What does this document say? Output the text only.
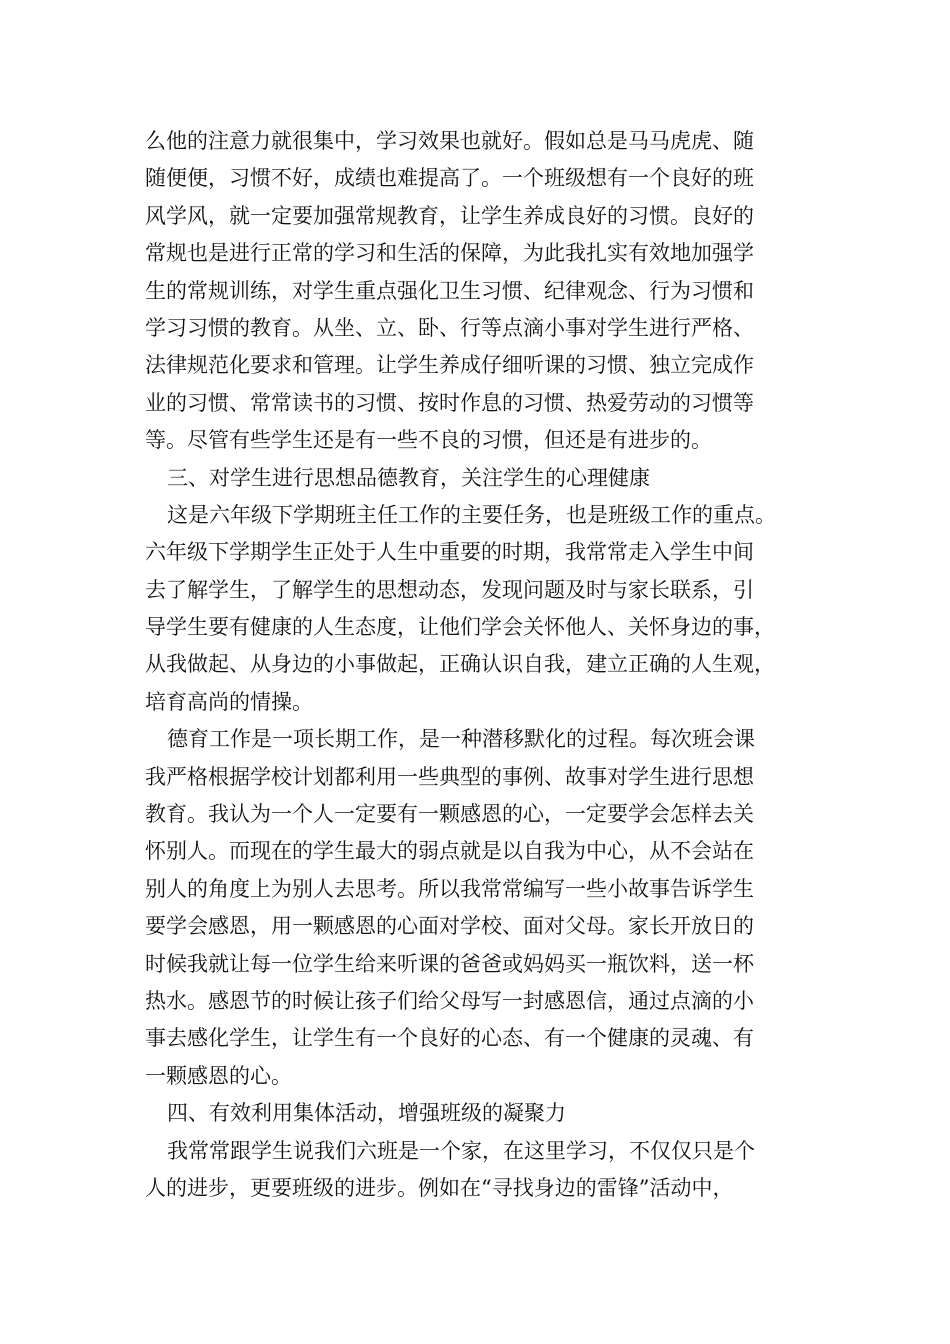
么他的注意力就很集中，学习效果也就好。假如总是马马虎虎、随
随便便，习惯不好，成绩也难提高了。一个班级想有一个良好的班
风学风，就一定要加强常规教育，让学生养成良好的习惯。良好的
常规也是进行正常的学习和生活的保障，为此我扎实有效地加强学
生的常规训练，对学生重点强化卫生习惯、纪律观念、行为习惯和
学习习惯的教育。从坐、立、卧、行等点滴小事对学生进行严格、
法律规范化要求和管理。让学生养成仔细听课的习惯、独立完成作
业的习惯、常常读书的习惯、按时作息的习惯、热爱劳动的习惯等
等。尽管有些学生还是有一些不良的习惯，但还是有进步的。
三、对学生进行思想品德教育，关注学生的心理健康
这是六年级下学期班主任工作的主要任务，也是班级工作的重点。
六年级下学期学生正处于人生中重要的时期，我常常走入学生中间
去了解学生，了解学生的思想动态，发现问题及时与家长联系，引
导学生要有健康的人生态度，让他们学会关怀他人、关怀身边的事，
从我做起、从身边的小事做起，正确认识自我，建立正确的人生观，
培育高尚的情操。
德育工作是一项长期工作，是一种潜移默化的过程。每次班会课
我严格根据学校计划都利用一些典型的事例、故事对学生进行思想
教育。我认为一个人一定要有一颗感恩的心，一定要学会怎样去关
怀别人。而现在的学生最大的弱点就是以自我为中心，从不会站在
别人的角度上为别人去思考。所以我常常编写一些小故事告诉学生
要学会感恩，用一颗感恩的心面对学校、面对父母。家长开放日的
时候我就让每一位学生给来听课的爸爸或妈妈买一瓶饮料，送一杯
热水。感恩节的时候让孩子们给父母写一封感恩信，通过点滴的小
事去感化学生，让学生有一个良好的心态、有一个健康的灵魂、有
一颗感恩的心。
四、有效利用集体活动，增强班级的凝聚力
我常常跟学生说我们六班是一个家，在这里学习，不仅仅只是个
人的进步，更要班级的进步。例如在“寻找身边的雷锋”活动中，
